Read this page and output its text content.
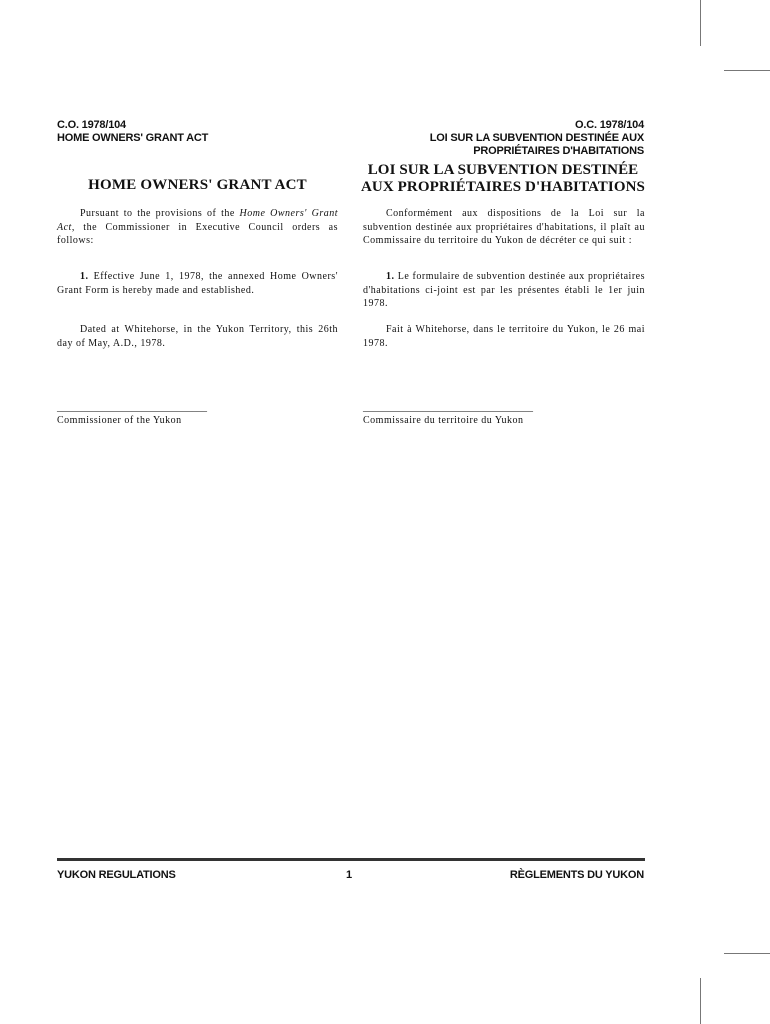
C.O. 1978/104
HOME OWNERS' GRANT ACT
O.C. 1978/104
LOI SUR LA SUBVENTION DESTINÉE AUX
PROPRIÉTAIRES D'HABITATIONS
HOME OWNERS' GRANT ACT
LOI SUR LA SUBVENTION DESTINÉE
AUX PROPRIÉTAIRES D'HABITATIONS

Pursuant to the provisions of the Home Owners' Grant Act, the Commissioner in Executive Council orders as follows:

1. Effective June 1, 1978, the annexed Home Owners' Grant Form is hereby made and established.

Dated at Whitehorse, in the Yukon Territory, this 26th day of May, A.D., 1978.

______________________________
Commissioner of the Yukon

Conformément aux dispositions de la Loi sur la subvention destinée aux propriétaires d'habitations, il plaît au Commissaire du territoire du Yukon de décréter ce qui suit :

1. Le formulaire de subvention destinée aux propriétaires d'habitations ci-joint est par les présentes établi le 1er juin 1978.

Fait à Whitehorse, dans le territoire du Yukon, le 26 mai 1978.

__________________________________
Commissaire du territoire du Yukon
YUKON REGULATIONS	1	RÈGLEMENTS DU YUKON
